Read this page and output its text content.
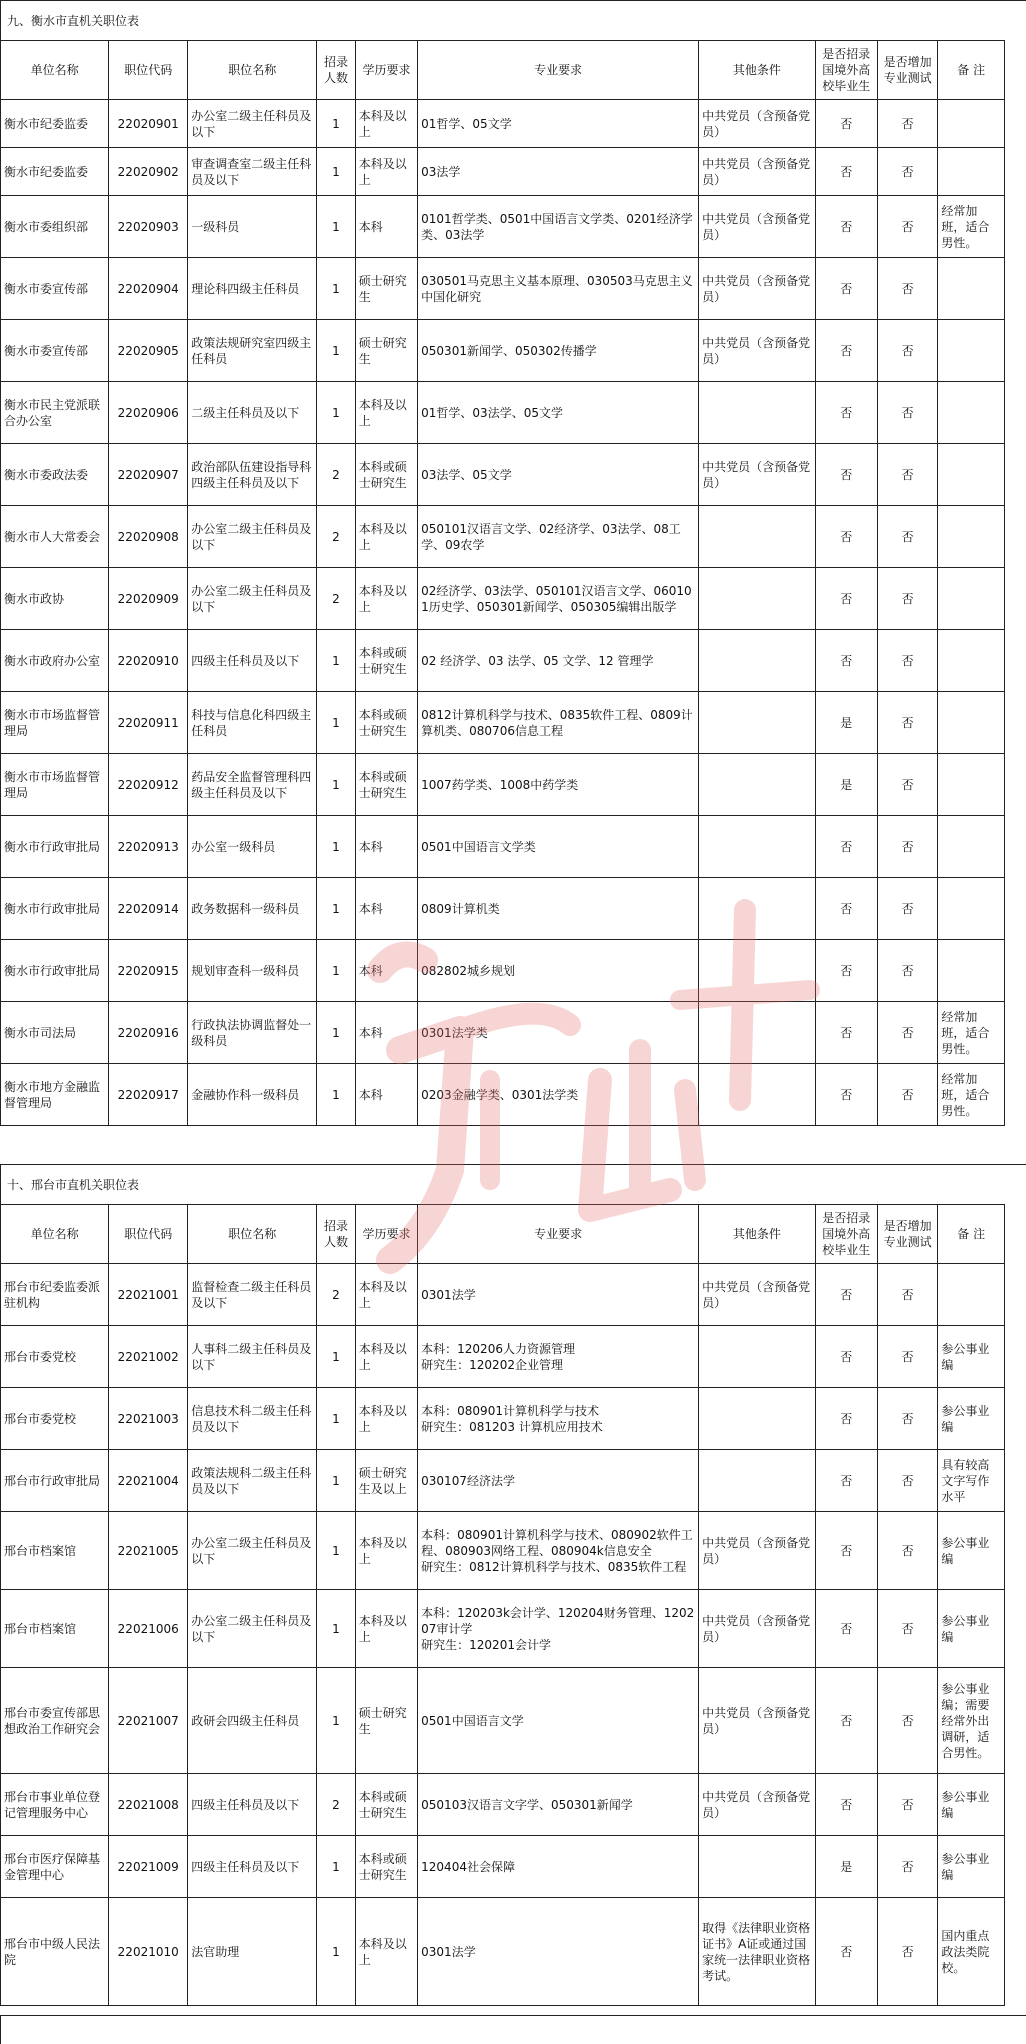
九、衡水市直机关职位表
单位名称	职位代码	职位名称	招录人数	学历要求	专业要求	其他条件	是否招录国境外高校毕业生	是否增加专业测试	备 注
衡水市纪委监委	22020901	办公室二级主任科员及以下	1	本科及以上	01哲学、05文学	中共党员（含预备党员）	否	否	
衡水市纪委监委	22020902	审查调查室二级主任科员及以下	1	本科及以上	03法学	中共党员（含预备党员）	否	否	
衡水市委组织部	22020903	一级科员	1	本科	0101哲学类、0501中国语言文学类、0201经济学类、03法学	中共党员（含预备党员）	否	否	经常加班，适合男性。
衡水市委宣传部	22020904	理论科四级主任科员	1	硕士研究生	030501马克思主义基本原理、030503马克思主义中国化研究	中共党员（含预备党员）	否	否	
衡水市委宣传部	22020905	政策法规研究室四级主任科员	1	硕士研究生	050301新闻学、050302传播学	中共党员（含预备党员）	否	否	
衡水市民主党派联合办公室	22020906	二级主任科员及以下	1	本科及以上	01哲学、03法学、05文学		否	否	
衡水市委政法委	22020907	政治部队伍建设指导科四级主任科员及以下	2	本科或硕士研究生	03法学、05文学	中共党员（含预备党员）	否	否	
衡水市人大常委会	22020908	办公室二级主任科员及以下	2	本科及以上	050101汉语言文学、02经济学、03法学、08工学、09农学		否	否	
衡水市政协	22020909	办公室二级主任科员及以下	2	本科及以上	02经济学、03法学、050101汉语言文学、060101历史学、050301新闻学、050305编辑出版学		否	否	
衡水市政府办公室	22020910	四级主任科员及以下	1	本科或硕士研究生	02 经济学、03 法学、05 文学、12 管理学		否	否	
衡水市市场监督管理局	22020911	科技与信息化科四级主任科员	1	本科或硕士研究生	0812计算机科学与技术、0835软件工程、0809计算机类、080706信息工程		是	否	
衡水市市场监督管理局	22020912	药品安全监督管理科四级主任科员及以下	1	本科或硕士研究生	1007药学类、1008中药学类		是	否	
衡水市行政审批局	22020913	办公室一级科员	1	本科	0501中国语言文学类		否	否	
衡水市行政审批局	22020914	政务数据科一级科员	1	本科	0809计算机类		否	否	
衡水市行政审批局	22020915	规划审查科一级科员	1	本科	082802城乡规划		否	否	
衡水市司法局	22020916	行政执法协调监督处一级科员	1	本科	0301法学类		否	否	经常加班，适合男性。
衡水市地方金融监督管理局	22020917	金融协作科一级科员	1	本科	0203金融学类、0301法学类		否	否	经常加班，适合男性。
十、邢台市直机关职位表
单位名称	职位代码	职位名称	招录人数	学历要求	专业要求	其他条件	是否招录国境外高校毕业生	是否增加专业测试	备 注
邢台市纪委监委派驻机构	22021001	监督检查二级主任科员及以下	2	本科及以上	0301法学	中共党员（含预备党员）	否	否	
邢台市委党校	22021002	人事科二级主任科员及以下	1	本科及以上	本科：120206人力资源管理
研究生：120202企业管理		否	否	参公事业编
邢台市委党校	22021003	信息技术科二级主任科员及以下	1	本科及以上	本科：080901计算机科学与技术
研究生：081203 计算机应用技术		否	否	参公事业编
邢台市行政审批局	22021004	政策法规科二级主任科员及以下	1	硕士研究生及以上	030107经济法学		否	否	具有较高文字写作水平
邢台市档案馆	22021005	办公室二级主任科员及以下	1	本科及以上	本科：080901计算机科学与技术、080902软件工程、080903网络工程、080904k信息安全
研究生：0812计算机科学与技术、0835软件工程	中共党员（含预备党员）	否	否	参公事业编
邢台市档案馆	22021006	办公室二级主任科员及以下	1	本科及以上	本科：120203k会计学、120204财务管理、120207审计学
研究生：120201会计学	中共党员（含预备党员）	否	否	参公事业编
邢台市委宣传部思想政治工作研究会	22021007	政研会四级主任科员	1	硕士研究生	0501中国语言文学	中共党员（含预备党员）	否	否	参公事业编；需要经常外出调研，适合男性。
邢台市事业单位登记管理服务中心	22021008	四级主任科员及以下	2	本科或硕士研究生	050103汉语言文字学、050301新闻学	中共党员（含预备党员）	否	否	参公事业编
邢台市医疗保障基金管理中心	22021009	四级主任科员及以下	1	本科或硕士研究生	120404社会保障		是	否	参公事业编
邢台市中级人民法院	22021010	法官助理	1	本科及以上	0301法学	取得《法律职业资格证书》A证或通过国家统一法律职业资格考试。	否	否	国内重点政法类院校。
